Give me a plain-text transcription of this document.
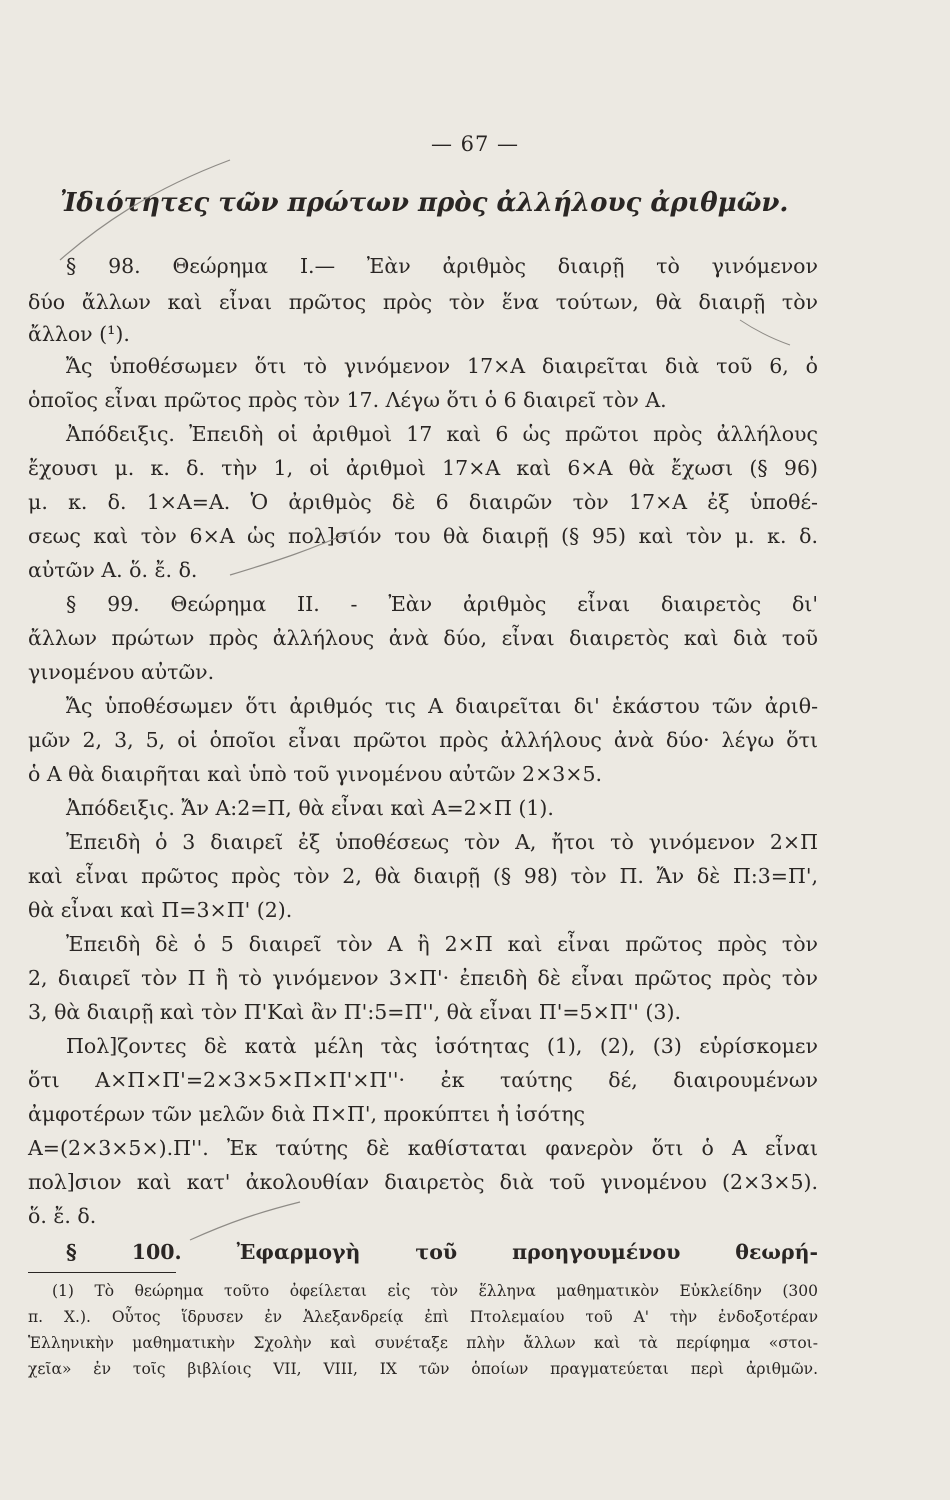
— 67 —
Ἰδιότητες τῶν πρώτων πρὸς ἀλλήλους ἀριθμῶν.
§ 98. Θεώρημα Ι.— Ἐὰν ἀριθμὸς διαιρῇ τὸ γινόμενον
δύο ἄλλων καὶ εἶναι πρῶτος πρὸς τὸν ἕνα τούτων, θὰ διαιρῇ τὸν
ἄλλον (¹).
Ἄς ὑποθέσωμεν ὅτι τὸ γινόμενον 17×Α διαιρεῖται διὰ τοῦ 6, ὁ
ὁποῖος εἶναι πρῶτος πρὸς τὸν 17. Λέγω ὅτι ὁ 6 διαιρεῖ τὸν Α.
Ἀπόδειξις. Ἐπειδὴ οἱ ἀριθμοὶ 17 καὶ 6 ὡς πρῶτοι πρὸς ἀλλήλους
ἔχουσι μ. κ. δ. τὴν 1, οἱ ἀριθμοὶ 17×Α καὶ 6×Α θὰ ἔχωσι (§ 96)
μ. κ. δ. 1×Α=Α. Ὁ ἀριθμὸς δὲ 6 διαιρῶν τὸν 17×Α ἐξ ὑποθέ-
σεως καὶ τὸν 6×Α ὡς πολ]σιόν του θὰ διαιρῇ (§ 95) καὶ τὸν μ. κ. δ.
αὐτῶν Α. ὅ. ἔ. δ.
§ 99. Θεώρημα ΙΙ. - Ἐὰν ἀριθμὸς εἶναι διαιρετὸς δι'
ἄλλων πρώτων πρὸς ἀλλήλους ἀνὰ δύο, εἶναι διαιρετὸς καὶ διὰ τοῦ
γινομένου αὐτῶν.
Ἄς ὑποθέσωμεν ὅτι ἀριθμός τις Α διαιρεῖται δι' ἑκάστου τῶν ἀριθ-
μῶν 2, 3, 5, οἱ ὁποῖοι εἶναι πρῶτοι πρὸς ἀλλήλους ἀνὰ δύο· λέγω ὅτι
ὁ Α θὰ διαιρῆται καὶ ὑπὸ τοῦ γινομένου αὐτῶν 2×3×5.
Ἀπόδειξις. Ἄν Α:2=Π, θὰ εἶναι καὶ Α=2×Π (1).
Ἐπειδὴ ὁ 3 διαιρεῖ ἐξ ὑποθέσεως τὸν Α, ἤτοι τὸ γινόμενον 2×Π
καὶ εἶναι πρῶτος πρὸς τὸν 2, θὰ διαιρῇ (§ 98) τὸν Π. Ἄν δὲ Π:3=Π',
θὰ εἶναι καὶ Π=3×Π' (2).
Ἐπειδὴ δὲ ὁ 5 διαιρεῖ τὸν Α ἢ 2×Π καὶ εἶναι πρῶτος πρὸς τὸν
2, διαιρεῖ τὸν Π ἢ τὸ γινόμενον 3×Π'· ἐπειδὴ δὲ εἶναι πρῶτος πρὸς τὸν
3, θὰ διαιρῇ καὶ τὸν Π'Καὶ ἂν Π':5=Π'', θὰ εἶναι Π'=5×Π'' (3).
Πολ]ζοντες δὲ κατὰ μέλη τὰς ἰσότητας (1), (2), (3) εὑρίσκομεν
ὅτι Α×Π×Π'=2×3×5×Π×Π'×Π''· ἐκ ταύτης δέ, διαιρουμένων
ἀμφοτέρων τῶν μελῶν διὰ Π×Π', προκύπτει ἡ ἰσότης
Α=(2×3×5×).Π''. Ἐκ ταύτης δὲ καθίσταται φανερὸν ὅτι ὁ Α εἶναι
πολ]σιον καὶ κατ' ἀκολουθίαν διαιρετὸς διὰ τοῦ γινομένου (2×3×5).
ὅ. ἔ. δ.
§ 100. Ἐφαρμογὴ τοῦ προηγουμένου θεωρή-
(1) Τὸ θεώρημα τοῦτο ὀφείλεται εἰς τὸν ἕλληνα μαθηματικὸν Εὐκλείδην (300
π. Χ.). Οὗτος ἵδρυσεν ἐν Ἀλεξανδρείᾳ ἐπὶ Πτολεμαίου τοῦ Α' τὴν ἐνδοξοτέραν
Ἑλληνικὴν μαθηματικὴν Σχολὴν καὶ συνέταξε πλὴν ἄλλων καὶ τὰ περίφημα «στοι-
χεῖα» ἐν τοῖς βιβλίοις VII, VIII, IX τῶν ὁποίων πραγματεύεται περὶ ἀριθμῶν.
